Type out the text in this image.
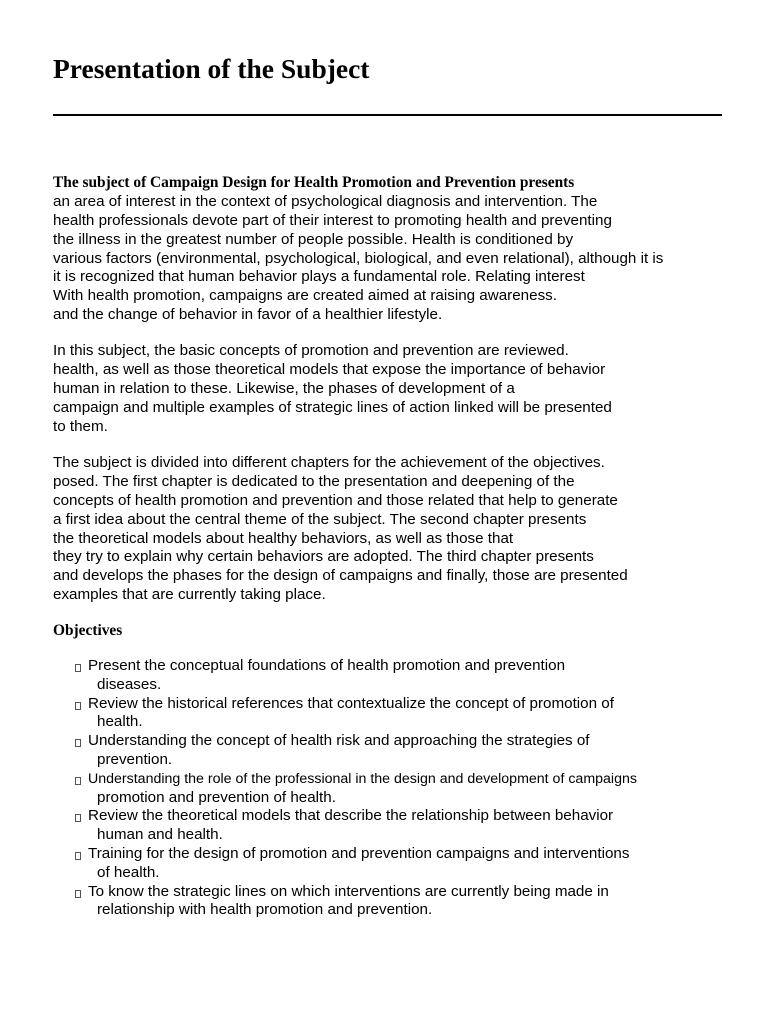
Presentation of the Subject
The subject of Campaign Design for Health Promotion and Prevention presents
an area of interest in the context of psychological diagnosis and intervention. The
health professionals devote part of their interest to promoting health and preventing
the illness in the greatest number of people possible. Health is conditioned by
various factors (environmental, psychological, biological, and even relational), although it is
it is recognized that human behavior plays a fundamental role. Relating interest
With health promotion, campaigns are created aimed at raising awareness.
and the change of behavior in favor of a healthier lifestyle.
In this subject, the basic concepts of promotion and prevention are reviewed.
health, as well as those theoretical models that expose the importance of behavior
human in relation to these. Likewise, the phases of development of a
campaign and multiple examples of strategic lines of action linked will be presented
to them.
The subject is divided into different chapters for the achievement of the objectives.
posed. The first chapter is dedicated to the presentation and deepening of the
concepts of health promotion and prevention and those related that help to generate
a first idea about the central theme of the subject. The second chapter presents
the theoretical models about healthy behaviors, as well as those that
they try to explain why certain behaviors are adopted. The third chapter presents
and develops the phases for the design of campaigns and finally, those are presented
examples that are currently taking place.
Objectives
Present the conceptual foundations of health promotion and prevention
diseases.
Review the historical references that contextualize the concept of promotion of
health.
Understanding the concept of health risk and approaching the strategies of
prevention.
Understanding the role of the professional in the design and development of campaigns
promotion and prevention of health.
Review the theoretical models that describe the relationship between behavior
human and health.
Training for the design of promotion and prevention campaigns and interventions
of health.
To know the strategic lines on which interventions are currently being made in
relationship with health promotion and prevention.
